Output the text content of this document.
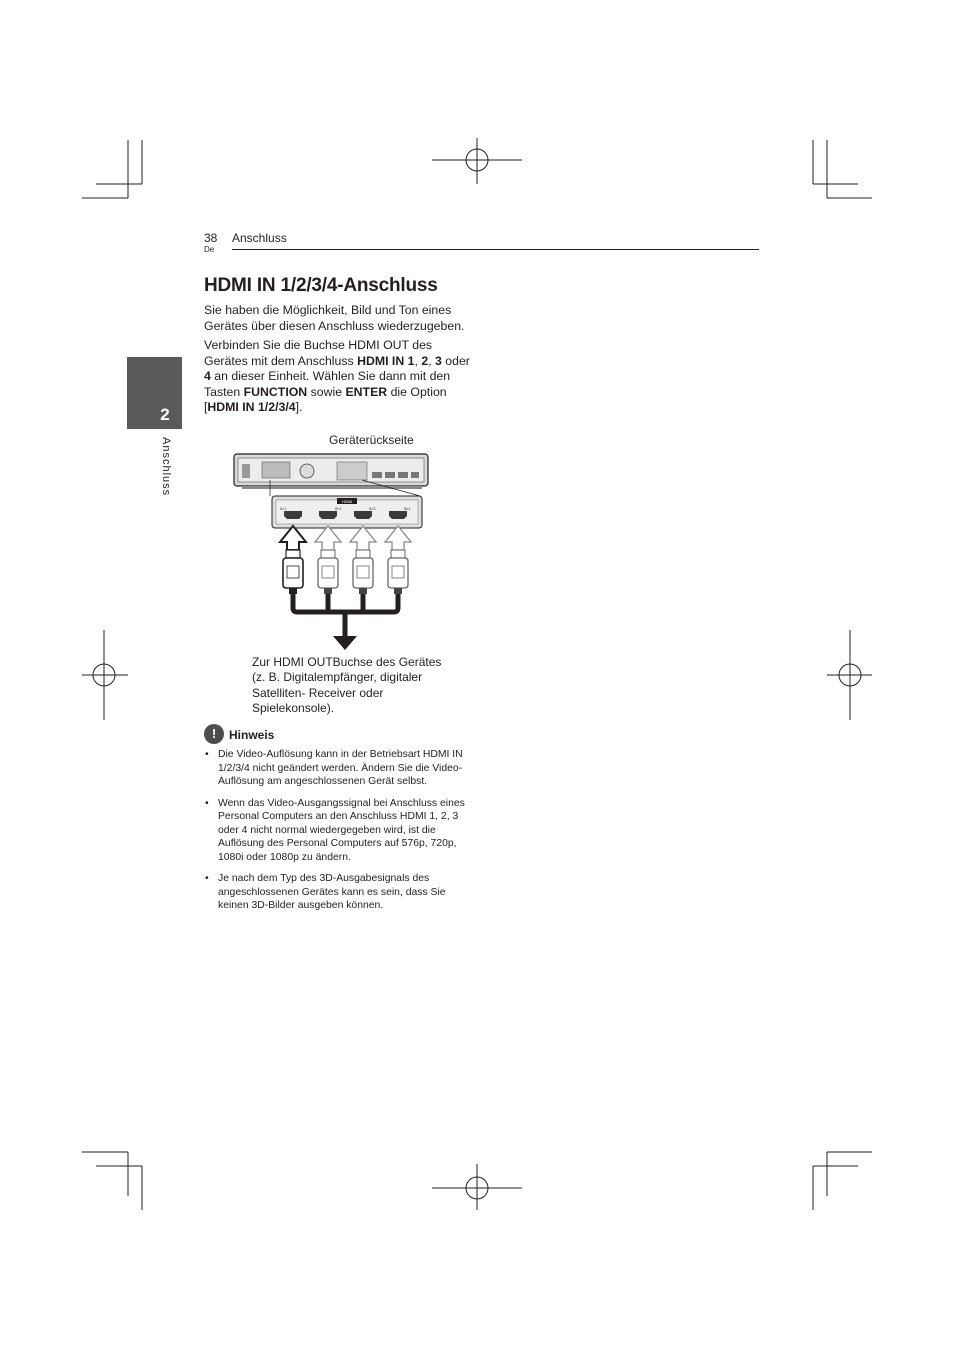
38
De
Anschluss
2
Anschluss
HDMI IN 1/2/3/4-Anschluss

Sie haben die Möglichkeit, Bild und Ton eines Gerätes über diesen Anschluss wiederzugeben.

Verbinden Sie die Buchse HDMI OUT des Gerätes mit dem Anschluss HDMI IN 1, 2, 3 oder 4 an dieser Einheit. Wählen Sie dann mit den Tasten FUNCTION sowie ENTER die Option [HDMI IN 1/2/3/4].

Geräterückseite
HDMI
IN 1	IN 2	IN 3	IN 4
Zur HDMI OUTBuchse des Gerätes (z. B. Digitalempfänger, digitaler Satelliten- Receiver oder Spielekonsole).
!	Hinweis
• Die Video-Auflösung kann in der Betriebsart HDMI IN 1/2/3/4 nicht geändert werden. Ändern Sie die Video-Auflösung am angeschlossenen Gerät selbst.
• Wenn das Video-Ausgangssignal bei Anschluss eines Personal Computers an den Anschluss HDMI 1, 2, 3 oder 4 nicht normal wiedergegeben wird, ist die Auflösung des Personal Computers auf 576p, 720p, 1080i oder 1080p zu ändern.
• Je nach dem Typ des 3D-Ausgabesignals des angeschlossenen Gerätes kann es sein, dass Sie keinen 3D-Bilder ausgeben können.
